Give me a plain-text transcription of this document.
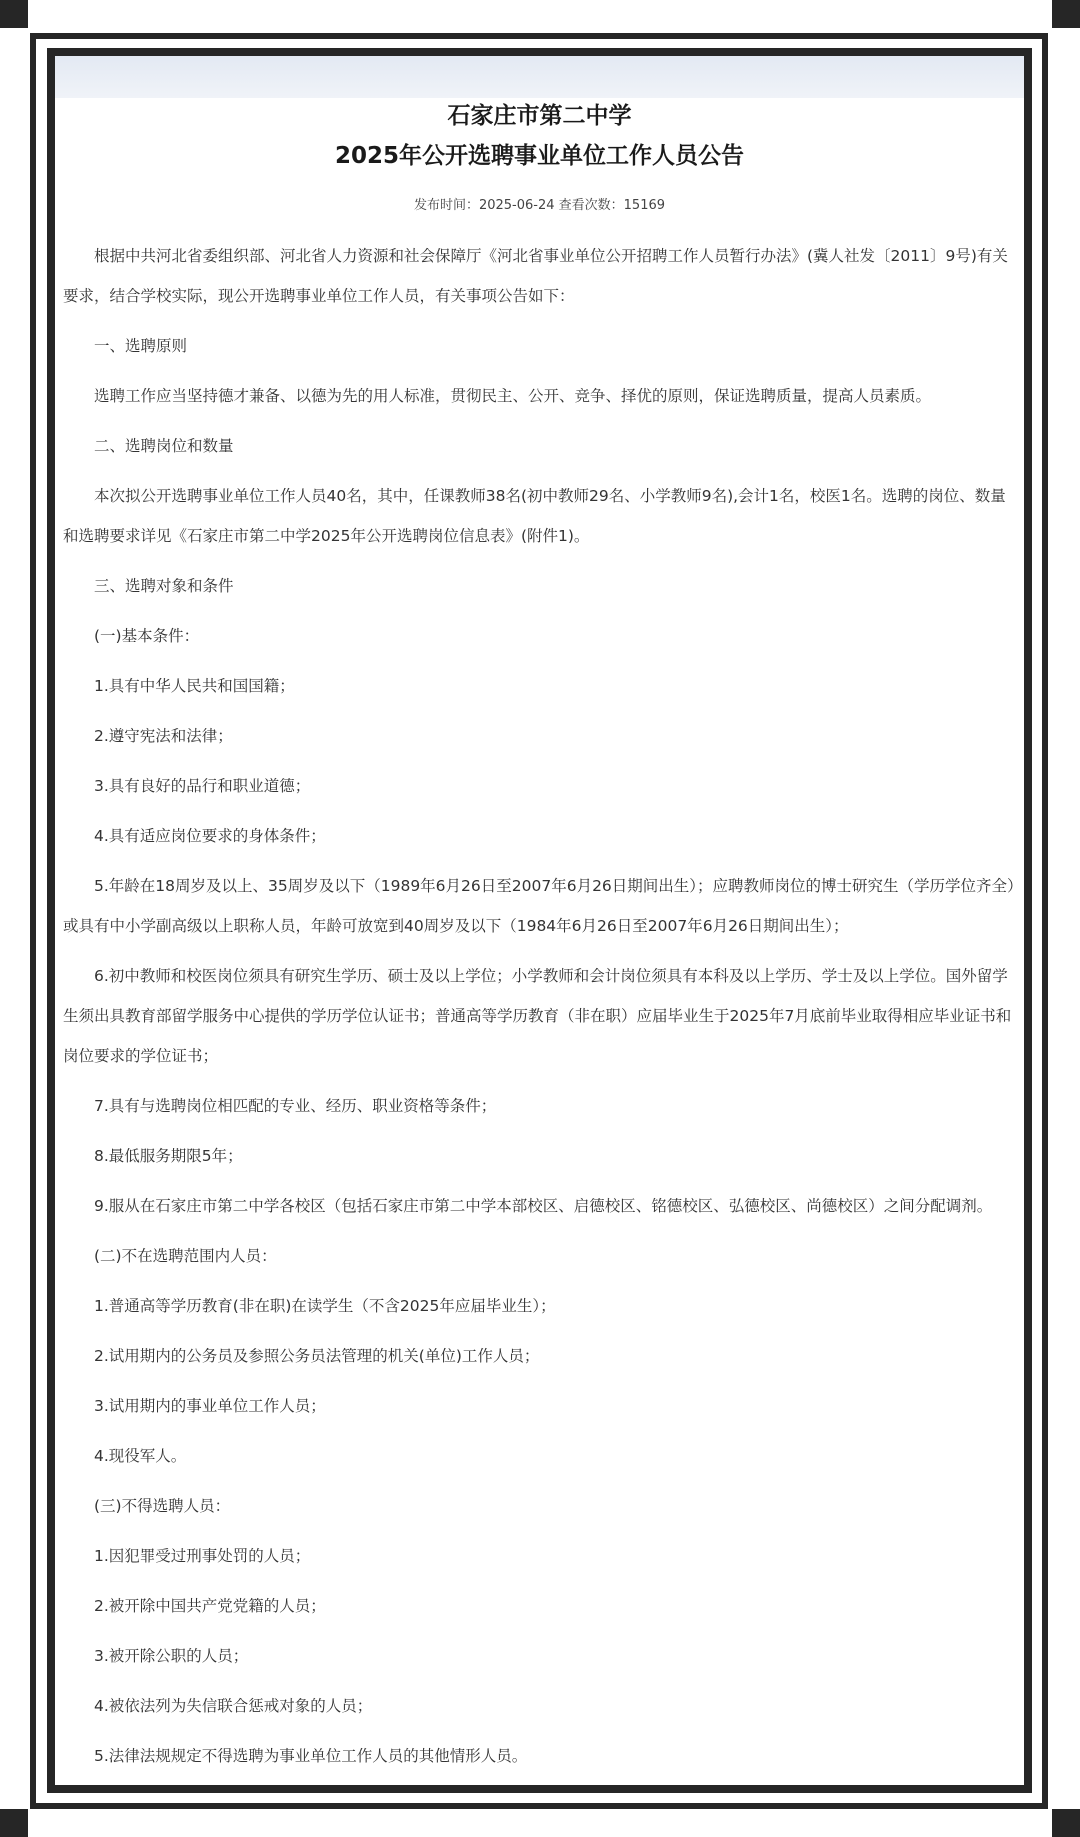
石家庄市第二中学
2025年公开选聘事业单位工作人员公告
发布时间：2025-06-24 查看次数：15169

根据中共河北省委组织部、河北省人力资源和社会保障厅《河北省事业单位公开招聘工作人员暂行办法》(冀人社发〔2011〕9号)有关要求，结合学校实际，现公开选聘事业单位工作人员，有关事项公告如下：

一、选聘原则

选聘工作应当坚持德才兼备、以德为先的用人标准，贯彻民主、公开、竞争、择优的原则，保证选聘质量，提高人员素质。

二、选聘岗位和数量

本次拟公开选聘事业单位工作人员40名，其中，任课教师38名(初中教师29名、小学教师9名),会计1名，校医1名。选聘的岗位、数量和选聘要求详见《石家庄市第二中学2025年公开选聘岗位信息表》(附件1)。

三、选聘对象和条件

(一)基本条件：

1.具有中华人民共和国国籍；

2.遵守宪法和法律；

3.具有良好的品行和职业道德；

4.具有适应岗位要求的身体条件；

5.年龄在18周岁及以上、35周岁及以下（1989年6月26日至2007年6月26日期间出生）；应聘教师岗位的博士研究生（学历学位齐全）或具有中小学副高级以上职称人员，年龄可放宽到40周岁及以下（1984年6月26日至2007年6月26日期间出生）；

6.初中教师和校医岗位须具有研究生学历、硕士及以上学位；小学教师和会计岗位须具有本科及以上学历、学士及以上学位。国外留学生须出具教育部留学服务中心提供的学历学位认证书；普通高等学历教育（非在职）应届毕业生于2025年7月底前毕业取得相应毕业证书和岗位要求的学位证书；

7.具有与选聘岗位相匹配的专业、经历、职业资格等条件；

8.最低服务期限5年；

9.服从在石家庄市第二中学各校区（包括石家庄市第二中学本部校区、启德校区、铭德校区、弘德校区、尚德校区）之间分配调剂。

(二)不在选聘范围内人员：

1.普通高等学历教育(非在职)在读学生（不含2025年应届毕业生）；

2.试用期内的公务员及参照公务员法管理的机关(单位)工作人员；

3.试用期内的事业单位工作人员；

4.现役军人。

(三)不得选聘人员：

1.因犯罪受过刑事处罚的人员；

2.被开除中国共产党党籍的人员；

3.被开除公职的人员；

4.被依法列为失信联合惩戒对象的人员；

5.法律法规规定不得选聘为事业单位工作人员的其他情形人员。
